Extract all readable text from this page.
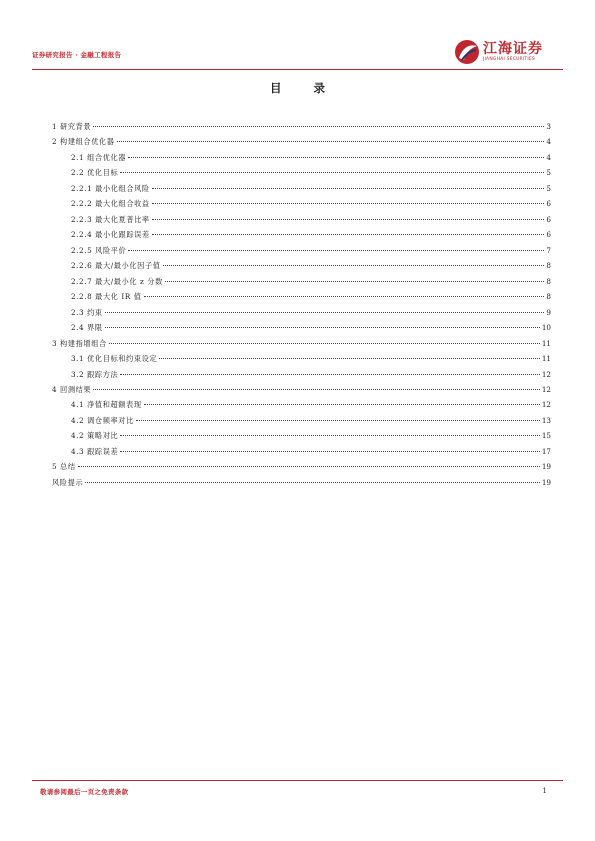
证券研究报告 · 金融工程报告	江海证券
JIANGHAI SECURITIES
目 录
1 研究背景	3
2 构建组合优化器	4
2.1 组合优化器	4
2.2 优化目标	5
2.2.1 最小化组合风险	5
2.2.2 最大化组合收益	6
2.2.3 最大化夏普比率	6
2.2.4 最小化跟踪误差	6
2.2.5 风险平价	7
2.2.6 最大/最小化因子值	8
2.2.7 最大/最小化 z 分数	8
2.2.8 最大化 IR 值	8
2.3 约束	9
2.4 界限	10
3 构建指增组合	11
3.1 优化目标和约束设定	11
3.2 跟踪方法	12
4 回测结果	12
4.1 净值和超额表现	12
4.2 调仓频率对比	13
4.2 策略对比	15
4.3 跟踪误差	17
5 总结	19
风险提示	19
敬请参阅最后一页之免责条款	1
